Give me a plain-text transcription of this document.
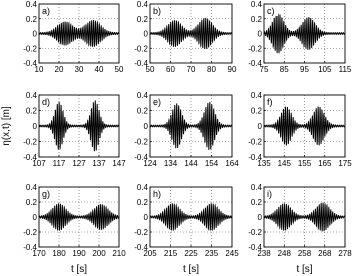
10 20 30 40 50
0.4
0.2
0
-0.2
-0.4
a)
50 60 70 80 90
0.4
0.2
0
-0.2
-0.4
b)
75 85 95 105 115
0.4
0.2
0
-0.2
-0.4
c)
107 117 127 137 147
0.4
0.2
0
-0.2
-0.4
d)
η(x,t) [m]
124 134 144 154 164
0.4
0.2
0
-0.2
-0.4
e)
135 145 155 165 175
0.4
0.2
0
-0.2
-0.4
f)
170 180 190 200 210
0.4
0.2
0
-0.2
-0.4
g)
t [s]
205 215 225 235 245
0.4
0.2
0
-0.2
-0.4
h)
t [s]
238 248 258 268 278
0.4
0.2
0
-0.2
-0.4
i)
t [s]
